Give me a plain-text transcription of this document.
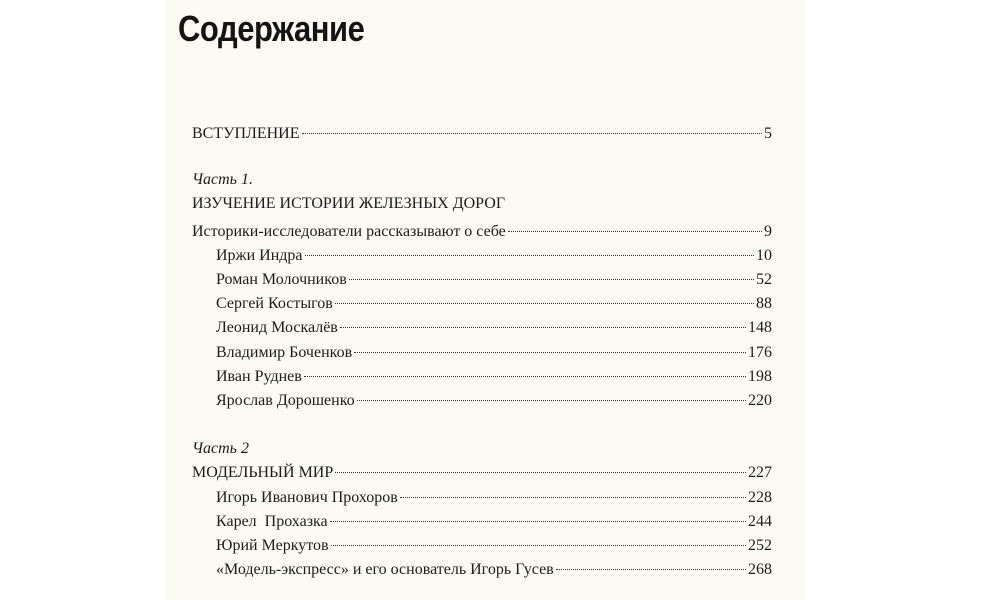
Содержание
ВСТУПЛЕНИЕ	5
Часть 1.
ИЗУЧЕНИЕ ИСТОРИИ ЖЕЛЕЗНЫХ ДОРОГ
Историки-исследователи рассказывают о себе	9
Иржи Индра	10
Роман Молочников	52
Сергей Костыгов	88
Леонид Москалёв	148
Владимир Боченков	176
Иван Руднев	198
Ярослав Дорошенко	220
Часть 2
МОДЕЛЬНЫЙ МИР	227
Игорь Иванович Прохоров	228
Карел  Прохазка	244
Юрий Меркутов	252
«Модель-экспресс» и его основатель Игорь Гусев	268
